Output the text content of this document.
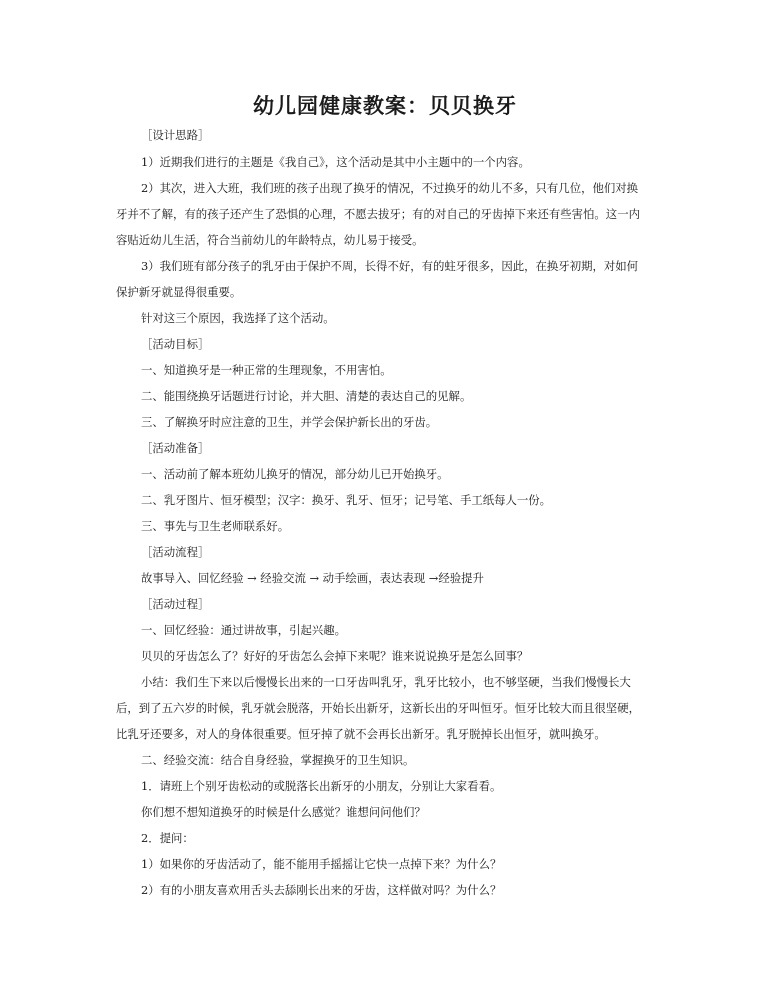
幼儿园健康教案：贝贝换牙
［设计思路］
1）近期我们进行的主题是《我自己》，这个活动是其中小主题中的一个内容。
2）其次，进入大班，我们班的孩子出现了换牙的情况，不过换牙的幼儿不多，只有几位，他们对换
牙并不了解，有的孩子还产生了恐惧的心理，不愿去拔牙；有的对自己的牙齿掉下来还有些害怕。这一内
容贴近幼儿生活，符合当前幼儿的年龄特点，幼儿易于接受。
3）我们班有部分孩子的乳牙由于保护不周，长得不好，有的蛀牙很多，因此，在换牙初期，对如何
保护新牙就显得很重要。
针对这三个原因，我选择了这个活动。
［活动目标］
一、知道换牙是一种正常的生理现象，不用害怕。
二、能围绕换牙话题进行讨论，并大胆、清楚的表达自己的见解。
三、了解换牙时应注意的卫生，并学会保护新长出的牙齿。
［活动准备］
一、活动前了解本班幼儿换牙的情况，部分幼儿已开始换牙。
二、乳牙图片、恒牙模型；汉字：换牙、乳牙、恒牙；记号笔、手工纸每人一份。
三、事先与卫生老师联系好。
［活动流程］
故事导入、回忆经验 → 经验交流 → 动手绘画，表达表现 →经验提升
［活动过程］
一、回忆经验：通过讲故事，引起兴趣。
贝贝的牙齿怎么了？好好的牙齿怎么会掉下来呢？谁来说说换牙是怎么回事？
小结：我们生下来以后慢慢长出来的一口牙齿叫乳牙，乳牙比较小，也不够坚硬，当我们慢慢长大
后，到了五六岁的时候，乳牙就会脱落，开始长出新牙，这新长出的牙叫恒牙。恒牙比较大而且很坚硬，
比乳牙还要多，对人的身体很重要。恒牙掉了就不会再长出新牙。乳牙脱掉长出恒牙，就叫换牙。
二、经验交流：结合自身经验，掌握换牙的卫生知识。
1．请班上个别牙齿松动的或脱落长出新牙的小朋友，分别让大家看看。
你们想不想知道换牙的时候是什么感觉？谁想问问他们？
2．提问：
1）如果你的牙齿活动了，能不能用手摇摇让它快一点掉下来？为什么？
2）有的小朋友喜欢用舌头去舔刚长出来的牙齿，这样做对吗？为什么？
